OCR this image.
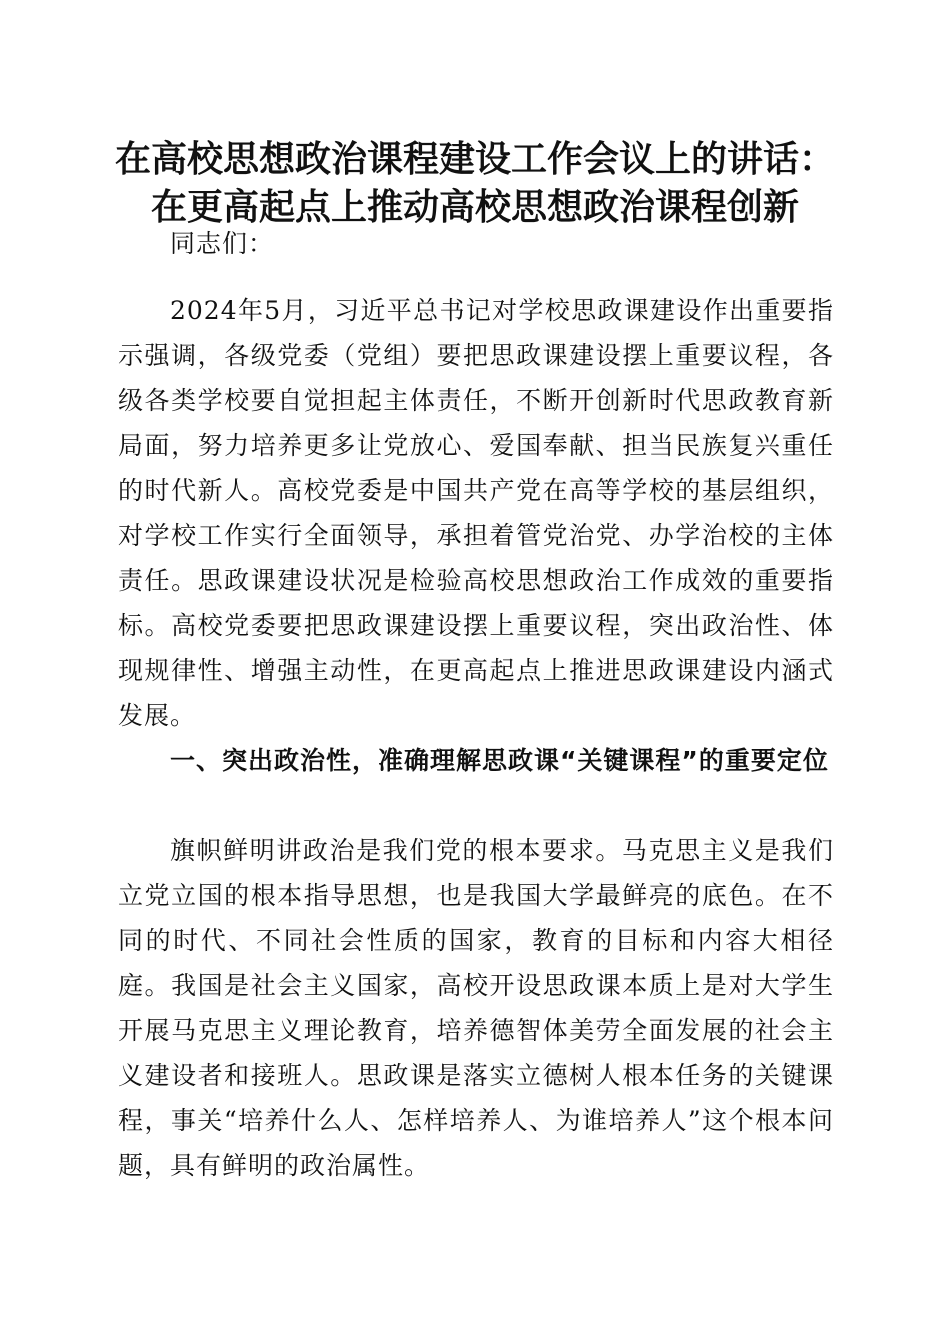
在高校思想政治课程建设工作会议上的讲话：
在更高起点上推动高校思想政治课程创新

同志们：

2024年5月，习近平总书记对学校思政课建设作出重要指示强调，各级党委（党组）要把思政课建设摆上重要议程，各级各类学校要自觉担起主体责任，不断开创新时代思政教育新局面，努力培养更多让党放心、爱国奉献、担当民族复兴重任的时代新人。高校党委是中国共产党在高等学校的基层组织，对学校工作实行全面领导，承担着管党治党、办学治校的主体责任。思政课建设状况是检验高校思想政治工作成效的重要指标。高校党委要把思政课建设摆上重要议程，突出政治性、体现规律性、增强主动性，在更高起点上推进思政课建设内涵式发展。

一、突出政治性，准确理解思政课“关键课程”的重要定位

旗帜鲜明讲政治是我们党的根本要求。马克思主义是我们立党立国的根本指导思想，也是我国大学最鲜亮的底色。在不同的时代、不同社会性质的国家，教育的目标和内容大相径庭。我国是社会主义国家，高校开设思政课本质上是对大学生开展马克思主义理论教育，培养德智体美劳全面发展的社会主义建设者和接班人。思政课是落实立德树人根本任务的关键课程，事关“培养什么人、怎样培养人、为谁培养人”这个根本问题，具有鲜明的政治属性。
